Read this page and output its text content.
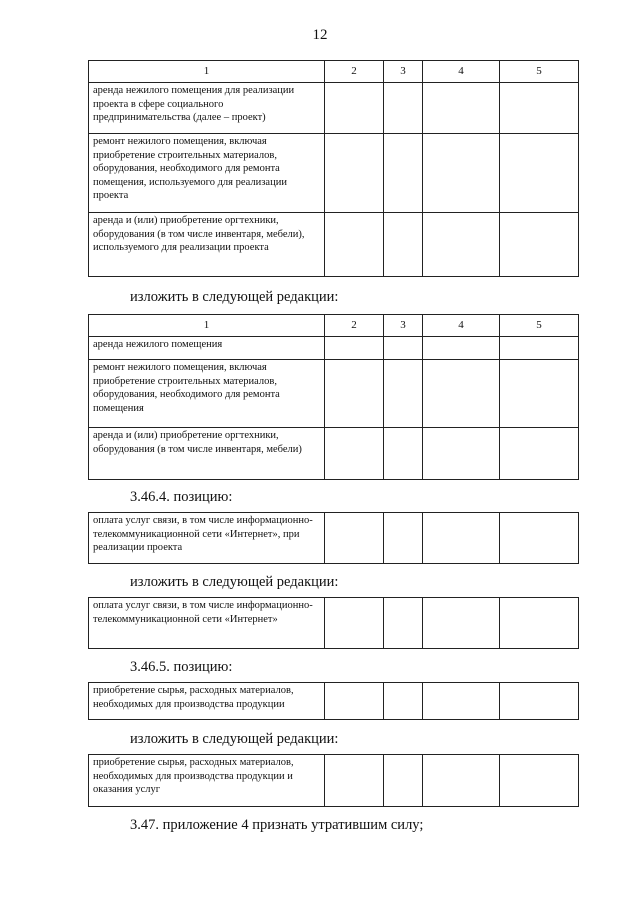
12
1	2	3	4	5
аренда нежилого помещения для реализации проекта в сфере социального предпринимательства (далее – проект)				
ремонт нежилого помещения, включая приобретение строительных материалов, оборудования, необходимого для ремонта помещения, используемого для реализации проекта				
аренда и (или) приобретение оргтехники, оборудования (в том числе инвентаря, мебели), используемого для реализации проекта				
изложить в следующей редакции:
1	2	3	4	5
аренда нежилого помещения				
ремонт нежилого помещения, включая приобретение строительных материалов, оборудования, необходимого для ремонта помещения				
аренда и (или) приобретение оргтехники, оборудования (в том числе инвентаря, мебели)				
3.46.4. позицию:
оплата услуг связи, в том числе информационно-телекоммуникационной сети «Интернет», при реализации проекта				
изложить в следующей редакции:
оплата услуг связи, в том числе информационно-телекоммуникационной сети «Интернет»				
3.46.5. позицию:
приобретение сырья, расходных материалов, необходимых для производства продукции				
изложить в следующей редакции:
приобретение сырья, расходных материалов, необходимых для производства продукции и оказания услуг				
3.47. приложение 4 признать утратившим силу;
